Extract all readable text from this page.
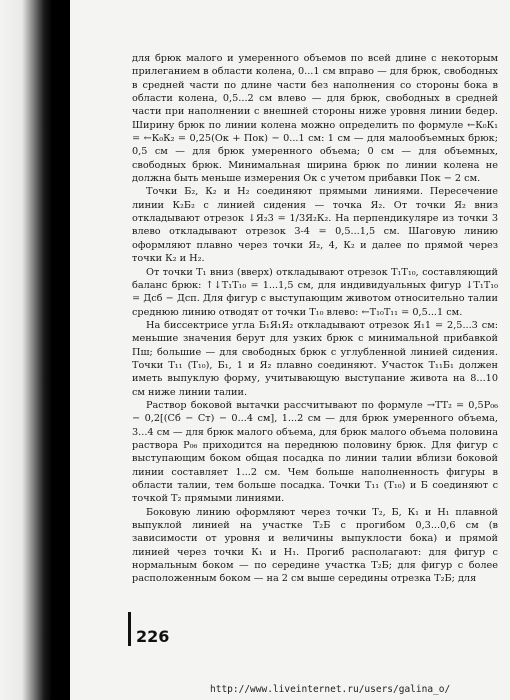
для брюк малого и умеренного объемов по всей длине с некоторым прилеганием в области колена, 0...1 см вправо — для брюк, свободных в средней части по длине части без наполнения со стороны бока в области колена, 0,5...2 см влево — для брюк, свободных в средней части при наполнении с внешней стороны ниже уровня линии бедер. Ширину брюк по линии колена можно определить по формуле ←К₀К₁ = ←К₀К₂ = 0,25(Ок + Пок) − 0...1 см: 1 см — для малообъемных брюк; 0,5 см — для брюк умеренного объема; 0 см — для объемных, свободных брюк. Минимальная ширина брюк по линии колена не должна быть меньше измерения Ок с учетом прибавки Пок − 2 см.

Точки Б₂, К₂ и Н₂ соединяют прямыми линиями. Пересечение линии К₂Б₂ с линией сидения — точка Я₂. От точки Я₂ вниз откладывают отрезок ↓Я₂3 = 1/3Я₂К₂. На перпендикуляре из точки 3 влево откладывают отрезок 3-4 = 0,5...1,5 см. Шаговую линию оформляют плавно через точки Я₂, 4, К₂ и далее по прямой через точки К₂ и Н₂.

От точки Т₁ вниз (вверх) откладывают отрезок Т₁Т₁₀, составляющий баланс брюк: ↑↓Т₁Т₁₀ = 1...1,5 см, для индивидуальных фигур ↓Т₁Т₁₀ = Дсб − Дсп. Для фигур с выступающим животом относительно талии среднюю линию отводят от точки Т₁₀ влево: ←Т₁₀Т₁₁ = 0,5...1 см.

На биссектрисе угла Б₁Я₁Я₂ откладывают отрезок Я₁1 = 2,5...3 см: меньшие значения берут для узких брюк с минимальной прибавкой Пш; большие — для свободных брюк с углубленной линией сидения. Точки Т₁₁ (Т₁₀), Б₁, 1 и Я₂ плавно соединяют. Участок Т₁₁Б₁ должен иметь выпуклую форму, учитывающую выступание живота на 8...10 см ниже линии талии.

Раствор боковой вытачки рассчитывают по формуле →ТТ₂ = 0,5Р₀₆ − 0,2[(Сб − Ст) − 0...4 см], 1...2 см — для брюк умеренного объема, 3...4 см — для брюк малого объема, для брюк малого объема половина раствора Р₀₆ приходится на переднюю половину брюк. Для фигур с выступающим боком общая посадка по линии талии вблизи боковой линии составляет 1...2 см. Чем больше наполненность фигуры в области талии, тем больше посадка. Точки Т₁₁ (Т₁₀) и Б соединяют с точкой Т₂ прямыми линиями.

Боковую линию оформляют через точки Т₂, Б, К₁ и Н₁ плавной выпуклой линией на участке Т₂Б с прогибом 0,3...0,6 см (в зависимости от уровня и величины выпуклости бока) и прямой линией через точки К₁ и Н₁. Прогиб располагают: для фигур с нормальным боком — по середине участка Т₂Б; для фигур с более расположенным боком — на 2 см выше середины отрезка Т₂Б; для

226
http://www.liveinternet.ru/users/galina_o/
